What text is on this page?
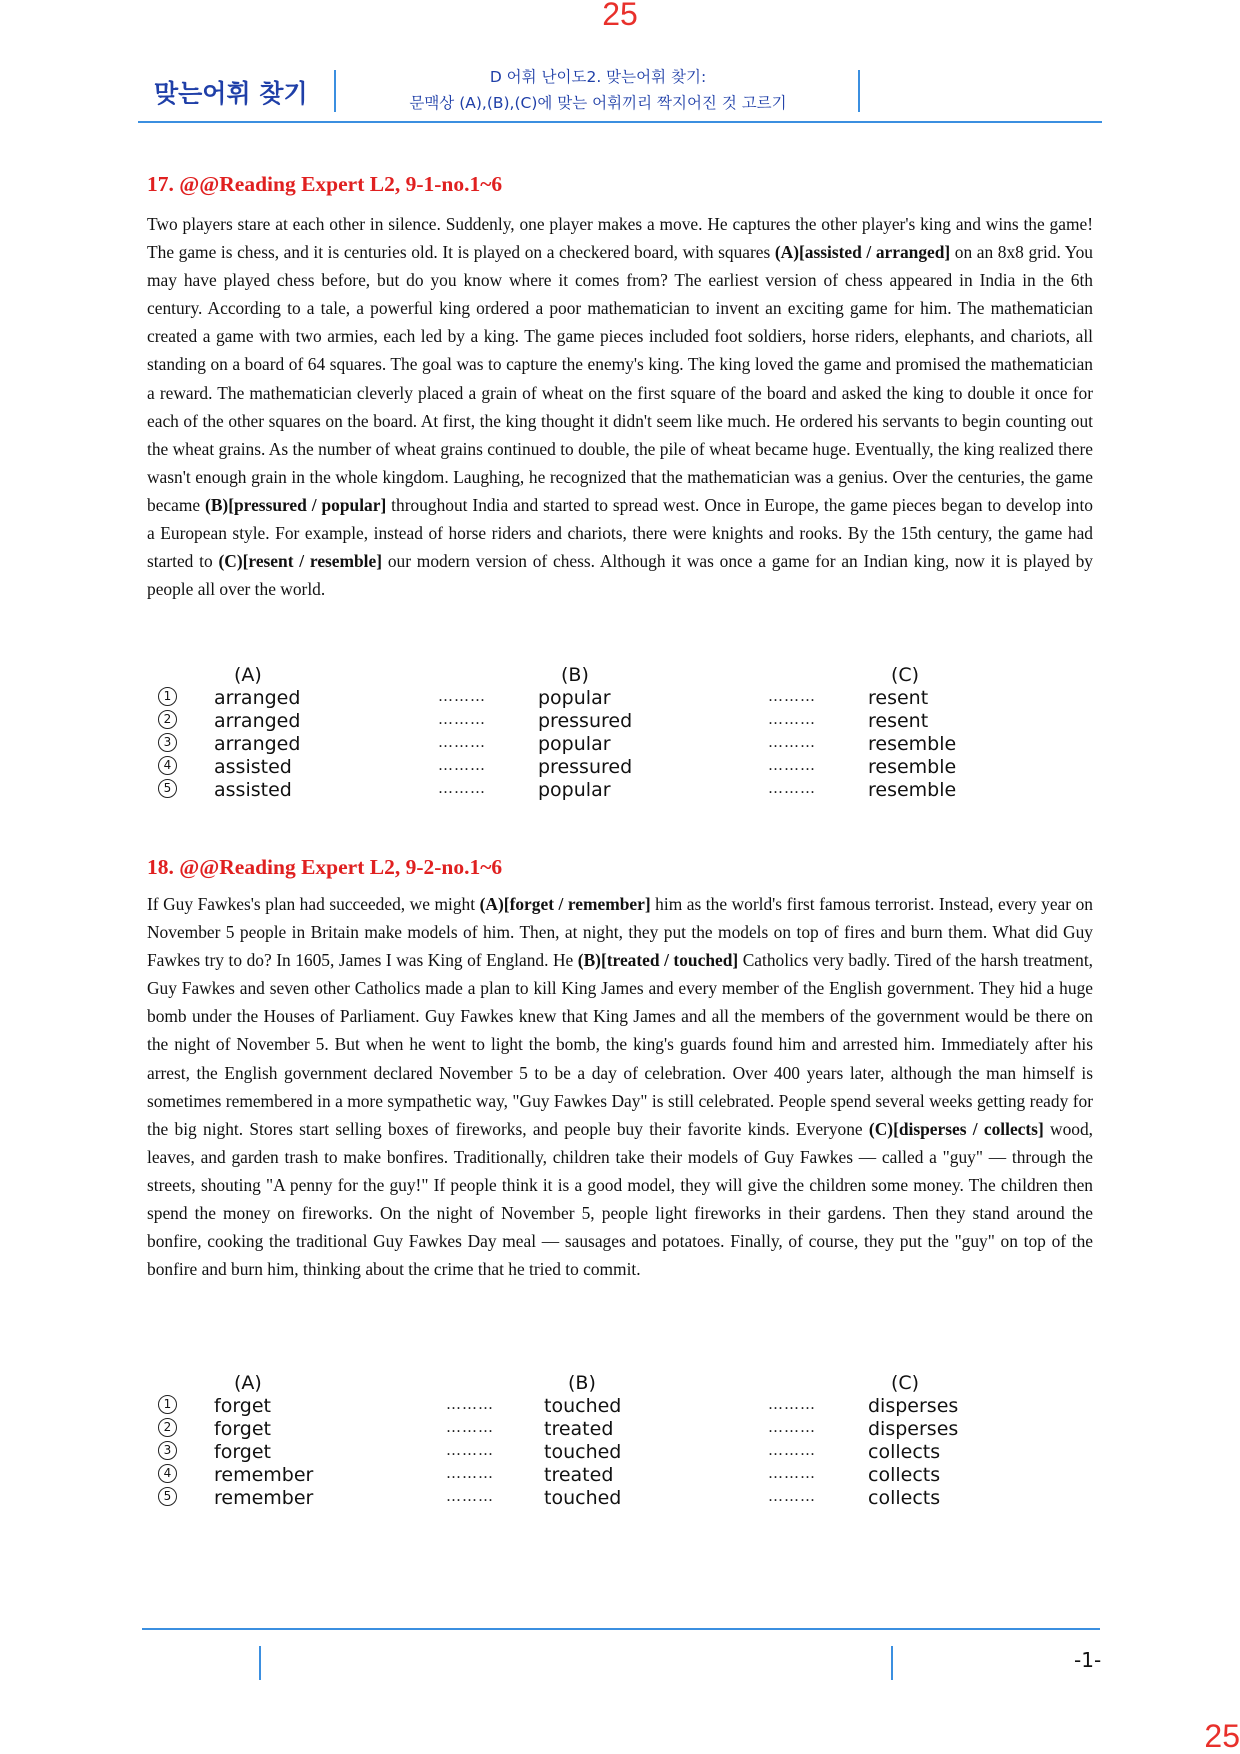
25
맞는어휘 찾기
D 어휘 난이도2. 맞는어휘 찾기:
문맥상 (A),(B),(C)에 맞는 어휘끼리 짝지어진 것 고르기
17. @@Reading Expert L2, 9-1-no.1~6
Two players stare at each other in silence. Suddenly, one player makes a move. He captures the other player's king and wins the game! The game is chess, and it is centuries old. It is played on a checkered board, with squares (A)[assisted / arranged] on an 8x8 grid. You may have played chess before, but do you know where it comes from? The earliest version of chess appeared in India in the 6th century. According to a tale, a powerful king ordered a poor mathematician to invent an exciting game for him. The mathematician created a game with two armies, each led by a king. The game pieces included foot soldiers, horse riders, elephants, and chariots, all standing on a board of 64 squares. The goal was to capture the enemy's king. The king loved the game and promised the mathematician a reward. The mathematician cleverly placed a grain of wheat on the first square of the board and asked the king to double it once for each of the other squares on the board. At first, the king thought it didn't seem like much. He ordered his servants to begin counting out the wheat grains. As the number of wheat grains continued to double, the pile of wheat became huge. Eventually, the king realized there wasn't enough grain in the whole kingdom. Laughing, he recognized that the mathematician was a genius. Over the centuries, the game became (B)[pressured / popular] throughout India and started to spread west. Once in Europe, the game pieces began to develop into a European style. For example, instead of horse riders and chariots, there were knights and rooks. By the 15th century, the game had started to (C)[resent / resemble] our modern version of chess. Although it was once a game for an Indian king, now it is played by people all over the world.
(A)	(B)	(C)
1 arranged	………	popular	………	resent
2 arranged	………	pressured	………	resent
3 arranged	………	popular	………	resemble
4 assisted	………	pressured	………	resemble
5 assisted	………	popular	………	resemble
18. @@Reading Expert L2, 9-2-no.1~6
If Guy Fawkes's plan had succeeded, we might (A)[forget / remember] him as the world's first famous terrorist. Instead, every year on November 5 people in Britain make models of him. Then, at night, they put the models on top of fires and burn them. What did Guy Fawkes try to do? In 1605, James I was King of England. He (B)[treated / touched] Catholics very badly. Tired of the harsh treatment, Guy Fawkes and seven other Catholics made a plan to kill King James and every member of the English government. They hid a huge bomb under the Houses of Parliament. Guy Fawkes knew that King James and all the members of the government would be there on the night of November 5. But when he went to light the bomb, the king's guards found him and arrested him. Immediately after his arrest, the English government declared November 5 to be a day of celebration. Over 400 years later, although the man himself is sometimes remembered in a more sympathetic way, "Guy Fawkes Day" is still celebrated. People spend several weeks getting ready for the big night. Stores start selling boxes of fireworks, and people buy their favorite kinds. Everyone (C)[disperses / collects] wood, leaves, and garden trash to make bonfires. Traditionally, children take their models of Guy Fawkes — called a "guy" — through the streets, shouting "A penny for the guy!" If people think it is a good model, they will give the children some money. The children then spend the money on fireworks. On the night of November 5, people light fireworks in their gardens. Then they stand around the bonfire, cooking the traditional Guy Fawkes Day meal — sausages and potatoes. Finally, of course, they put the "guy" on top of the bonfire and burn him, thinking about the crime that he tried to commit.
(A)	(B)	(C)
1 forget	………	touched	………	disperses
2 forget	………	treated	………	disperses
3 forget	………	touched	………	collects
4 remember	………	treated	………	collects
5 remember	………	touched	………	collects
-1-
25
